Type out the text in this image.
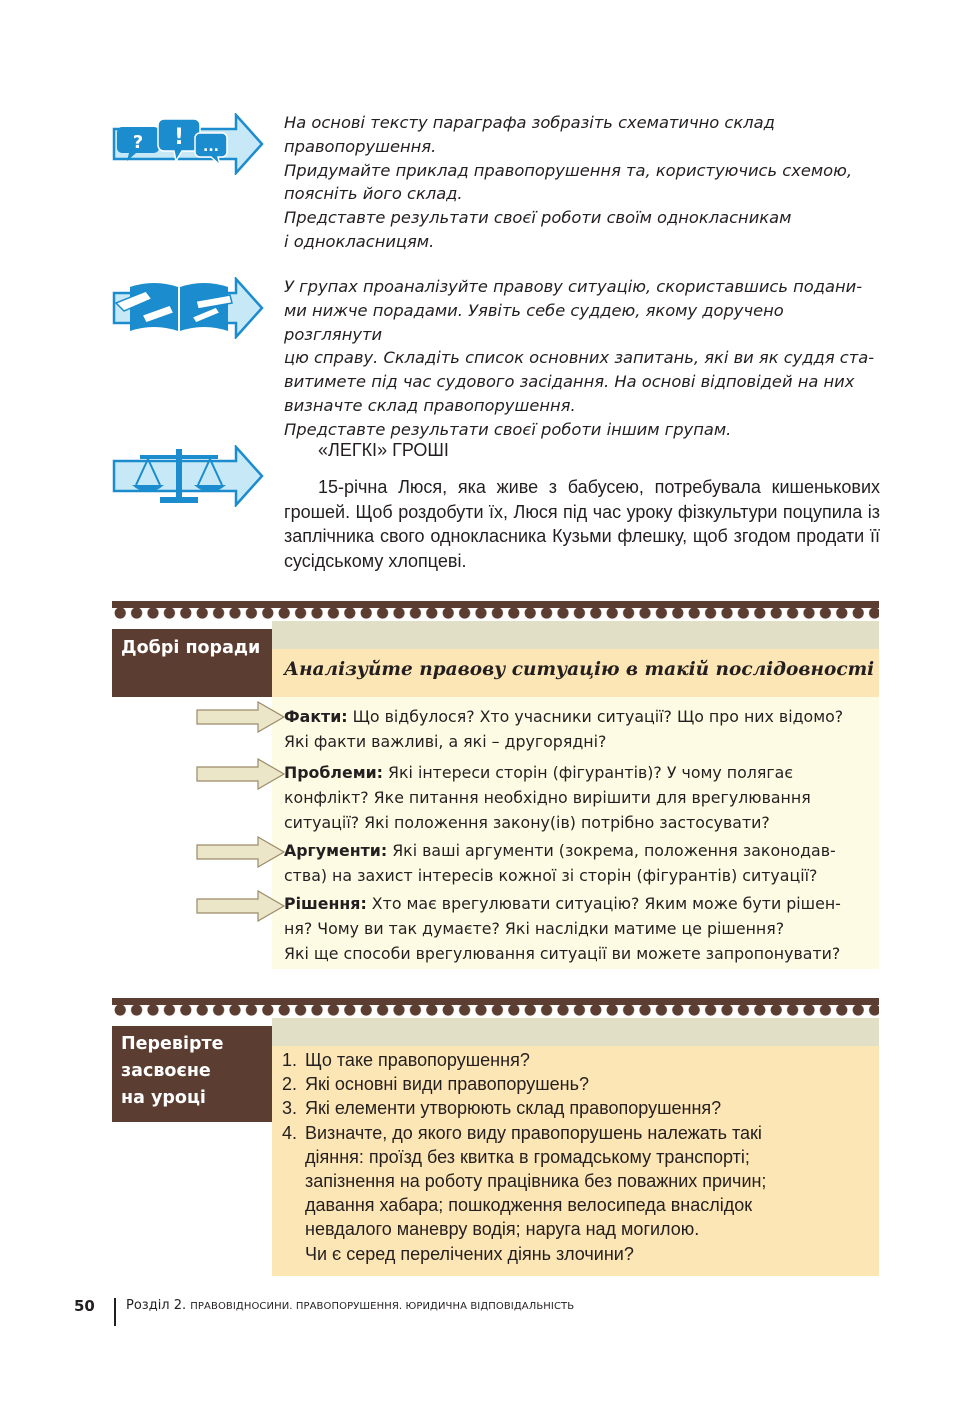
? ! ...

На основі тексту параграфа зобразіть схематично склад

правопорушення.

Придумайте приклад правопорушення та, користуючись схемою,

поясніть його склад.

Представте результати своєї роботи своїм однокласникам

і однокласницям.

У групах проаналізуйте правову ситуацію, скориставшись подани-

ми нижче порадами. Уявіть себе суддею, якому доручено розглянути

цю справу. Складіть список основних запитань, які ви як суддя ста-

витимете під час судового засідання. На основі відповідей на них

визначте склад правопорушення.

Представте результати своєї роботи іншим групам.

«ЛЕГКІ» ГРОШІ

15-річна Люся, яка живе з бабусею, потребувала кишенькових грошей. Щоб роздобути їх, Люся під час уроку фізкультури поцупила із заплічника свого однокласника Кузьми флешку, щоб згодом продати її сусідському хлопцеві.

Добрі поради
Аналізуйте правову ситуацію в такій послідовності

Факти: Що відбулося? Хто учасники ситуації? Що про них відомо?

Які факти важливі, а які – другорядні?

Проблеми: Які інтереси сторін (фігурантів)? У чому полягає

конфлікт? Яке питання необхідно вирішити для врегулювання

ситуації? Які положення закону(ів) потрібно застосувати?

Аргументи: Які ваші аргументи (зокрема, положення законодав-

ства) на захист інтересів кожної зі сторін (фігурантів) ситуації?

Рішення: Хто має врегулювати ситуацію? Яким може бути рішен-

ня? Чому ви так думаєте? Які наслідки матиме це рішення?

Які ще способи врегулювання ситуації ви можете запропонувати?

Перевірте
засвоєне
на уроці
1. Що таке правопорушення?
2. Які основні види правопорушень?
3. Які елементи утворюють склад правопорушення?
4. Визначте, до якого виду правопорушень належать такі
діяння: проїзд без квитка в громадському транспорті;
запізнення на роботу працівника без поважних причин;
давання хабара; пошкодження велосипеда внаслідок
невдалого маневру водія; наруга над могилою.
Чи є серед перелічених діянь злочини?
50 Розділ 2. ПРАВОВІДНОСИНИ. ПРАВОПОРУШЕННЯ. ЮРИДИЧНА ВІДПОВІДАЛЬНІСТЬ
